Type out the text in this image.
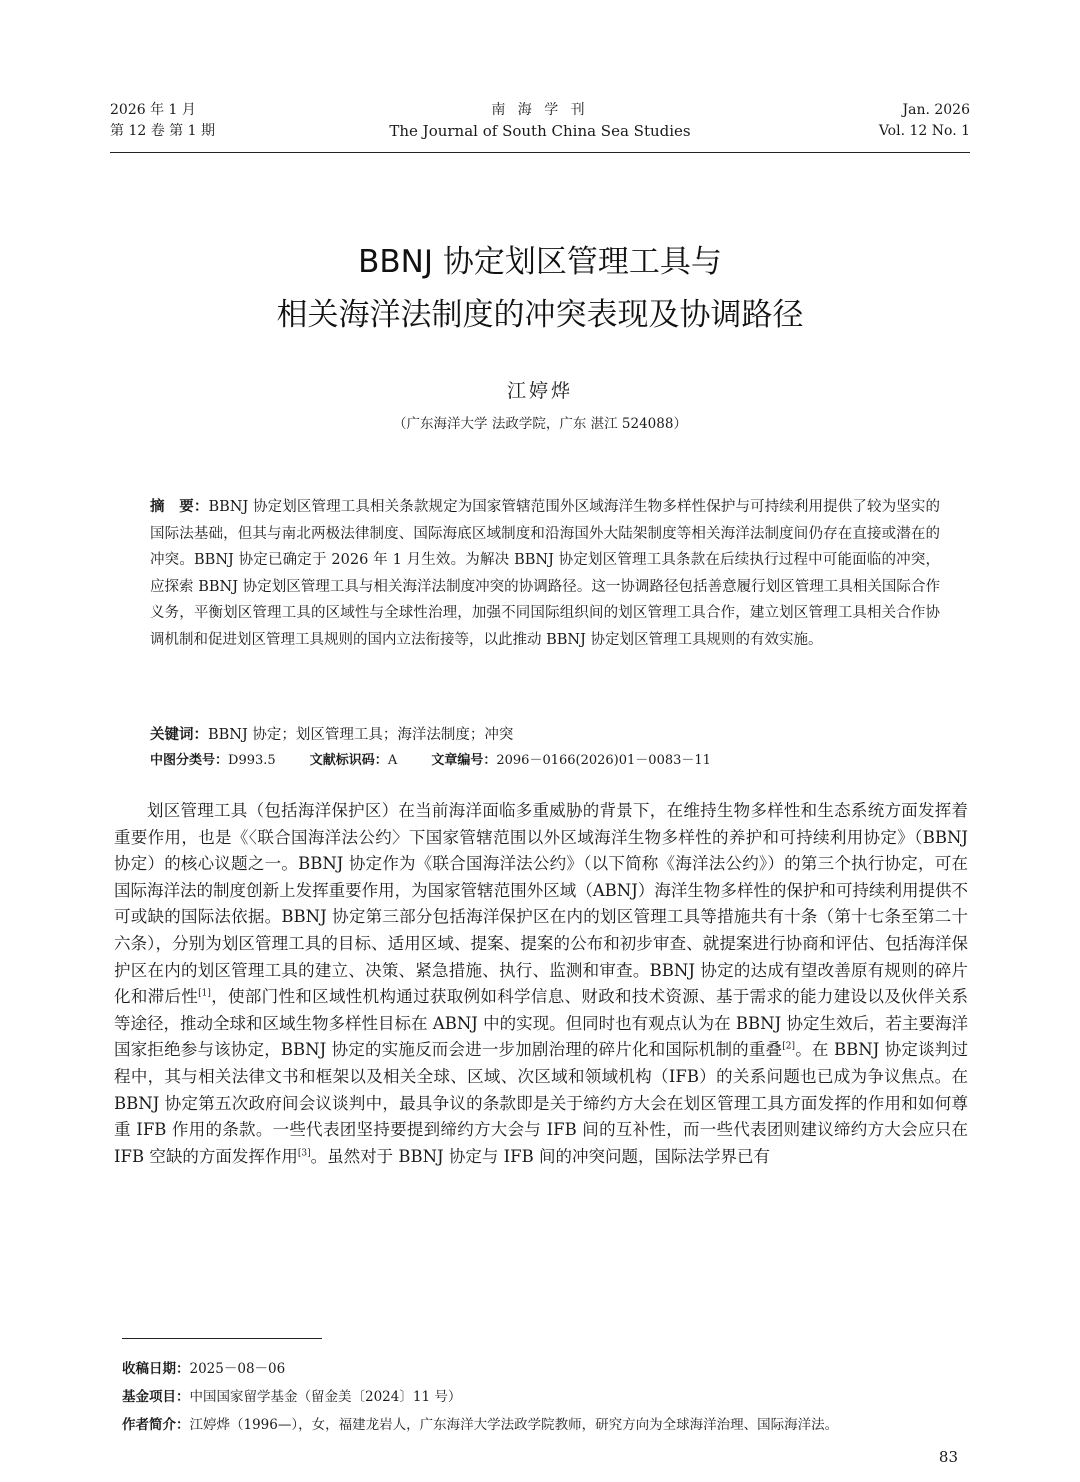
2026 年 1 月
第 12 卷 第 1 期
南 海 学 刊
The Journal of South China Sea Studies
Jan. 2026
Vol. 12 No. 1
BBNJ 协定划区管理工具与
相关海洋法制度的冲突表现及协调路径
江婷烨
（广东海洋大学 法政学院，广东 湛江 524088）
摘　要：BBNJ 协定划区管理工具相关条款规定为国家管辖范围外区域海洋生物多样性保护与可持续利用提供了较为坚实的国际法基础，但其与南北两极法律制度、国际海底区域制度和沿海国外大陆架制度等相关海洋法制度间仍存在直接或潜在的冲突。BBNJ 协定已确定于 2026 年 1 月生效。为解决 BBNJ 协定划区管理工具条款在后续执行过程中可能面临的冲突，应探索 BBNJ 协定划区管理工具与相关海洋法制度冲突的协调路径。这一协调路径包括善意履行划区管理工具相关国际合作义务，平衡划区管理工具的区域性与全球性治理，加强不同国际组织间的划区管理工具合作，建立划区管理工具相关合作协调机制和促进划区管理工具规则的国内立法衔接等，以此推动 BBNJ 协定划区管理工具规则的有效实施。
关键词：BBNJ 协定；划区管理工具；海洋法制度；冲突
中图分类号：D993.5	文献标识码：A	文章编号：2096－0166(2026)01－0083－11
划区管理工具（包括海洋保护区）在当前海洋面临多重威胁的背景下，在维持生物多样性和生态系统方面发挥着重要作用，也是《〈联合国海洋法公约〉下国家管辖范围以外区域海洋生物多样性的养护和可持续利用协定》（BBNJ 协定）的核心议题之一。BBNJ 协定作为《联合国海洋法公约》（以下简称《海洋法公约》）的第三个执行协定，可在国际海洋法的制度创新上发挥重要作用，为国家管辖范围外区域（ABNJ）海洋生物多样性的保护和可持续利用提供不可或缺的国际法依据。BBNJ 协定第三部分包括海洋保护区在内的划区管理工具等措施共有十条（第十七条至第二十六条），分别为划区管理工具的目标、适用区域、提案、提案的公布和初步审查、就提案进行协商和评估、包括海洋保护区在内的划区管理工具的建立、决策、紧急措施、执行、监测和审查。BBNJ 协定的达成有望改善原有规则的碎片化和滞后性[1]，使部门性和区域性机构通过获取例如科学信息、财政和技术资源、基于需求的能力建设以及伙伴关系等途径，推动全球和区域生物多样性目标在 ABNJ 中的实现。但同时也有观点认为在 BBNJ 协定生效后，若主要海洋国家拒绝参与该协定，BBNJ 协定的实施反而会进一步加剧治理的碎片化和国际机制的重叠[2]。在 BBNJ 协定谈判过程中，其与相关法律文书和框架以及相关全球、区域、次区域和领域机构（IFB）的关系问题也已成为争议焦点。在 BBNJ 协定第五次政府间会议谈判中，最具争议的条款即是关于缔约方大会在划区管理工具方面发挥的作用和如何尊重 IFB 作用的条款。一些代表团坚持要提到缔约方大会与 IFB 间的互补性，而一些代表团则建议缔约方大会应只在 IFB 空缺的方面发挥作用[3]。虽然对于 BBNJ 协定与 IFB 间的冲突问题，国际法学界已有
收稿日期：2025－08－06
基金项目：中国国家留学基金（留金美〔2024〕11 号）
作者简介：江婷烨（1996—），女，福建龙岩人，广东海洋大学法政学院教师，研究方向为全球海洋治理、国际海洋法。
83
